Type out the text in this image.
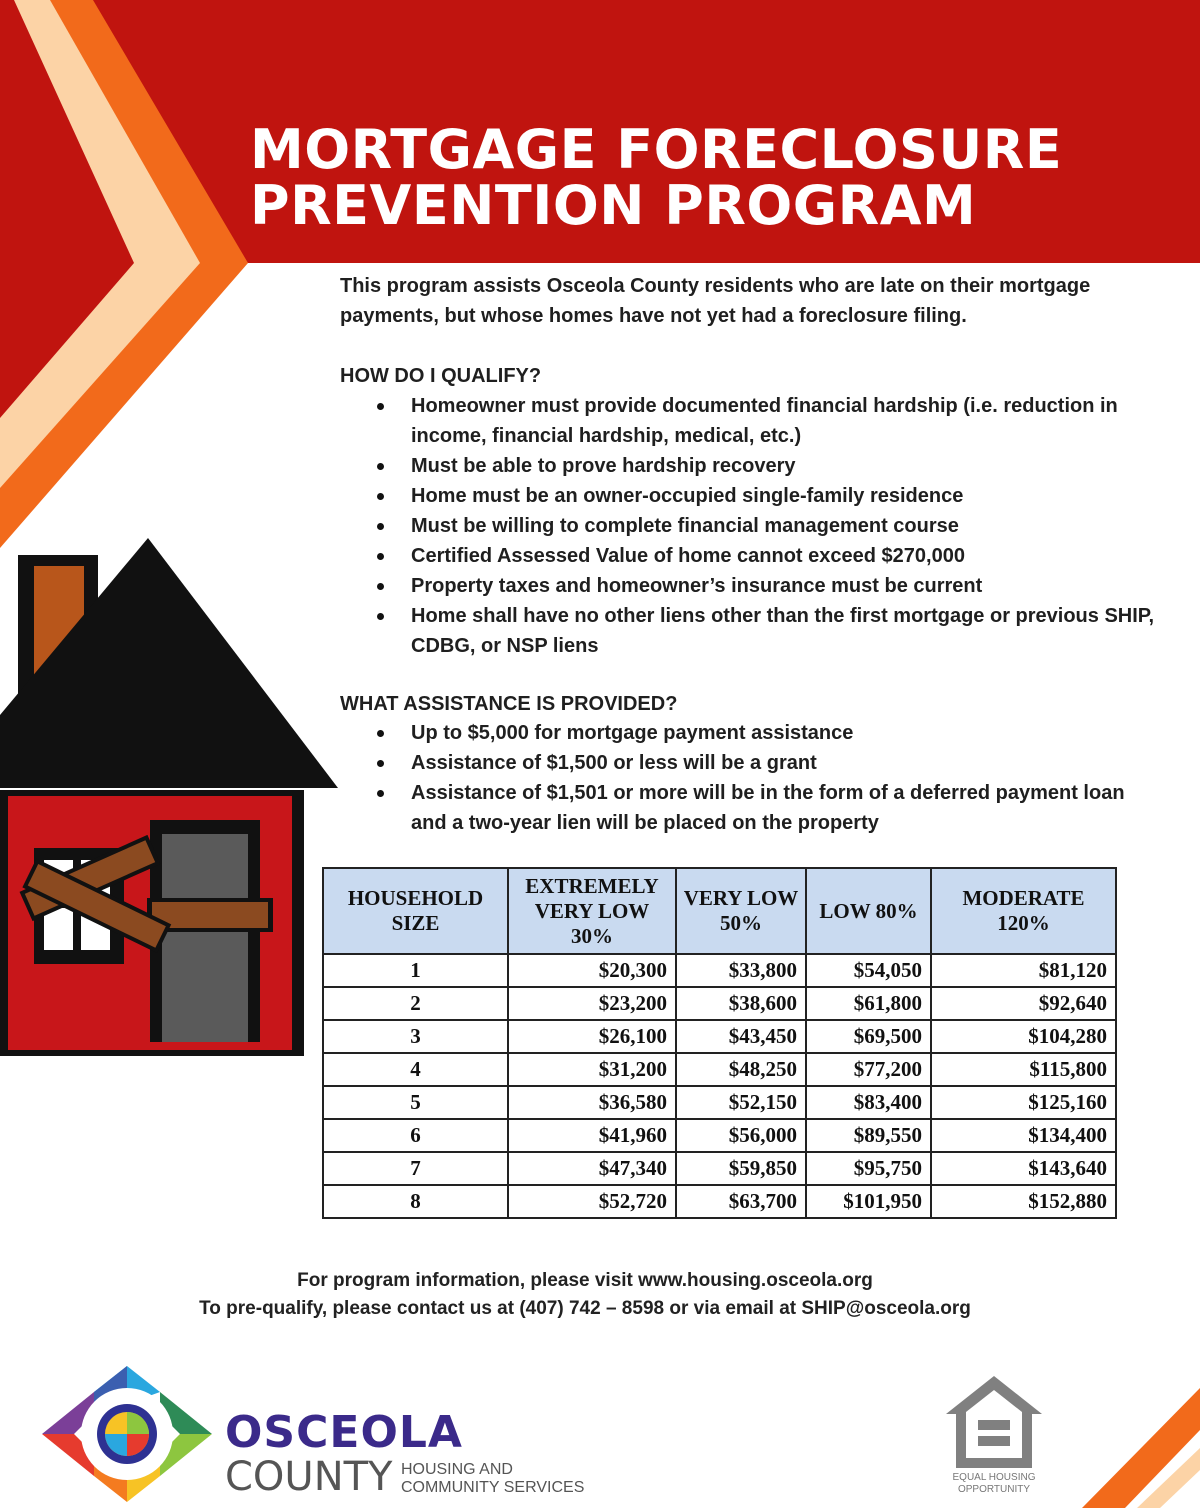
MORTGAGE FORECLOSURE
PREVENTION PROGRAM

This program assists Osceola County residents who are late on their mortgage payments, but whose homes have not yet had a foreclosure filing.

HOW DO I QUALIFY?
Homeowner must provide documented financial hardship (i.e. reduction in income, financial hardship, medical, etc.)
Must be able to prove hardship recovery
Home must be an owner-occupied single-family residence
Must be willing to complete financial management course
Certified Assessed Value of home cannot exceed $270,000
Property taxes and homeowner’s insurance must be current
Home shall have no other liens other than the first mortgage or previous SHIP, CDBG, or NSP liens
WHAT ASSISTANCE IS PROVIDED?
Up to $5,000 for mortgage payment assistance
Assistance of $1,500 or less will be a grant
Assistance of $1,501 or more will be in the form of a deferred payment loan and a two-year lien will be placed on the property
HOUSEHOLD SIZE	EXTREMELY VERY LOW 30%	VERY LOW 50%	LOW 80%	MODERATE 120%
1	$20,300	$33,800	$54,050	$81,120
2	$23,200	$38,600	$61,800	$92,640
3	$26,100	$43,450	$69,500	$104,280
4	$31,200	$48,250	$77,200	$115,800
5	$36,580	$52,150	$83,400	$125,160
6	$41,960	$56,000	$89,550	$134,400
7	$47,340	$59,850	$95,750	$143,640
8	$52,720	$63,700	$101,950	$152,880

For program information, please visit www.housing.osceola.org

To pre-qualify, please contact us at (407) 742 – 8598 or via email at SHIP@osceola.org

OSCEOLA
COUNTY HOUSING AND
COMMUNITY SERVICES
EQUAL HOUSING
OPPORTUNITY
